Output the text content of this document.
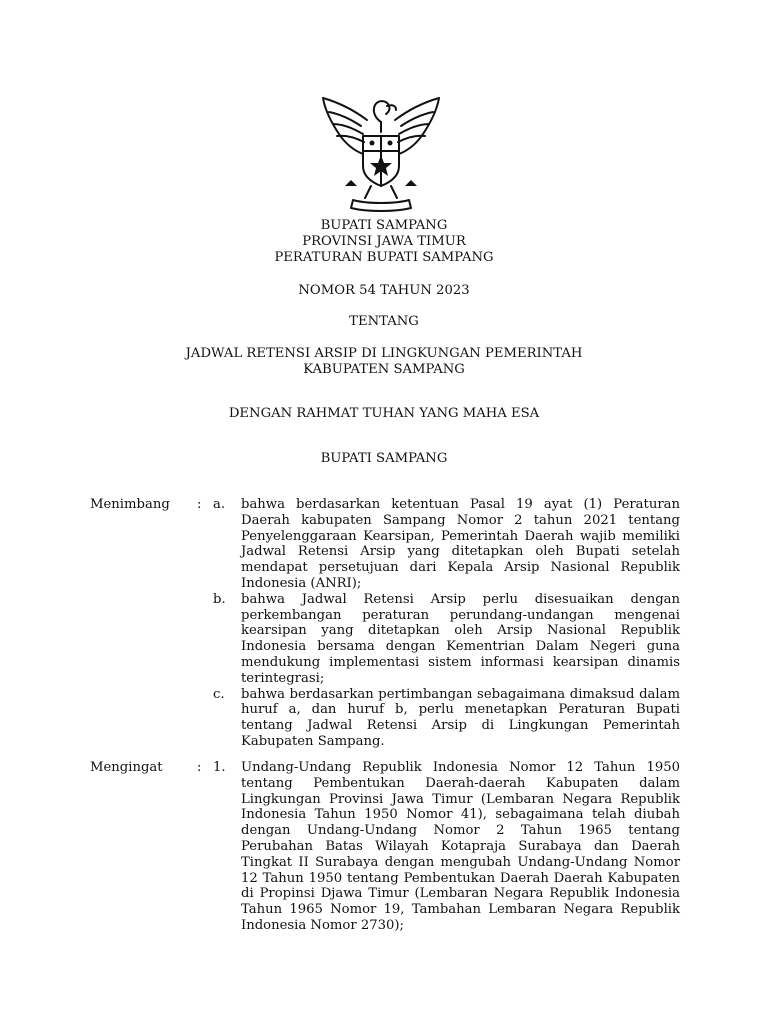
BUPATI SAMPANG
PROVINSI JAWA TIMUR
PERATURAN BUPATI SAMPANG
NOMOR 54 TAHUN 2023
TENTANG
JADWAL RETENSI ARSIP DI LINGKUNGAN PEMERINTAH
KABUPATEN SAMPANG
DENGAN RAHMAT TUHAN YANG MAHA ESA
BUPATI SAMPANG
Menimbang : a. bahwa berdasarkan ketentuan Pasal 19 ayat (1) Peraturan Daerah kabupaten Sampang Nomor 2 tahun 2021 tentang Penyelenggaraan Kearsipan, Pemerintah Daerah wajib memiliki Jadwal Retensi Arsip yang ditetapkan oleh Bupati setelah mendapat persetujuan dari Kepala Arsip Nasional Republik Indonesia (ANRI);

b. bahwa Jadwal Retensi Arsip perlu disesuaikan dengan perkembangan peraturan perundang-undangan mengenai kearsipan yang ditetapkan oleh Arsip Nasional Republik Indonesia bersama dengan Kementrian Dalam Negeri guna mendukung implementasi sistem informasi kearsipan dinamis terintegrasi;

c. bahwa berdasarkan pertimbangan sebagaimana dimaksud dalam huruf a, dan huruf b, perlu menetapkan Peraturan Bupati tentang Jadwal Retensi Arsip di Lingkungan Pemerintah Kabupaten Sampang.

Mengingat	: 1. Undang-Undang Republik Indonesia Nomor 12 Tahun 1950 tentang Pembentukan Daerah-daerah Kabupaten dalam Lingkungan Provinsi Jawa Timur (Lembaran Negara Republik Indonesia Tahun 1950 Nomor 41), sebagaimana telah diubah dengan Undang-Undang Nomor 2 Tahun 1965 tentang Perubahan Batas Wilayah Kotapraja Surabaya dan Daerah Tingkat II Surabaya dengan mengubah Undang-Undang Nomor 12 Tahun 1950 tentang Pembentukan Daerah Daerah Kabupaten di Propinsi Djawa Timur (Lembaran Negara Republik Indonesia Tahun 1965 Nomor 19, Tambahan Lembaran Negara Republik Indonesia Nomor 2730);
